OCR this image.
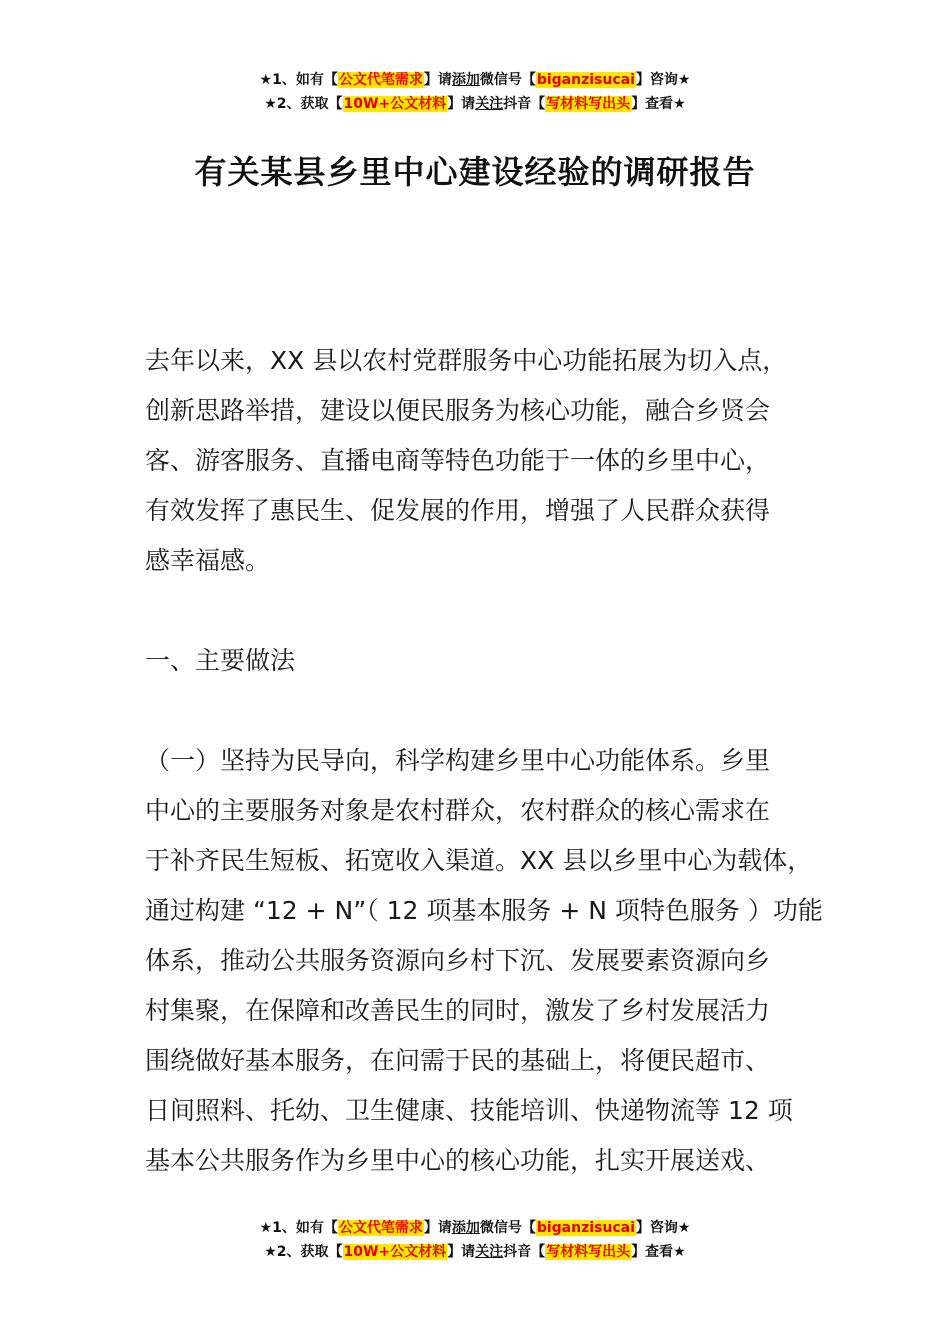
★1、如有【公文代笔需求】请添加微信号【biganzisucai】咨询★
★2、获取【10W+公文材料】请关注抖音【写材料写出头】查看★
有关某县乡里中心建设经验的调研报告
去年以来，XX 县以农村党群服务中心功能拓展为切入点，
创新思路举措，建设以便民服务为核心功能，融合乡贤会
客、游客服务、直播电商等特色功能于一体的乡里中心，
有效发挥了惠民生、促发展的作用，增强了人民群众获得
感幸福感。
一、主要做法
（一）坚持为民导向，科学构建乡里中心功能体系。乡里
中心的主要服务对象是农村群众，农村群众的核心需求在
于补齐民生短板、拓宽收入渠道。XX 县以乡里中心为载体，
通过构建 “12 + N”（ 12 项基本服务 + N 项特色服务 ）功能
体系，推动公共服务资源向乡村下沉、发展要素资源向乡
村集聚，在保障和改善民生的同时，激发了乡村发展活力
围绕做好基本服务，在问需于民的基础上，将便民超市、
日间照料、托幼、卫生健康、技能培训、快递物流等 12 项
基本公共服务作为乡里中心的核心功能，扎实开展送戏、
★1、如有【公文代笔需求】请添加微信号【biganzisucai】咨询★
★2、获取【10W+公文材料】请关注抖音【写材料写出头】查看★
